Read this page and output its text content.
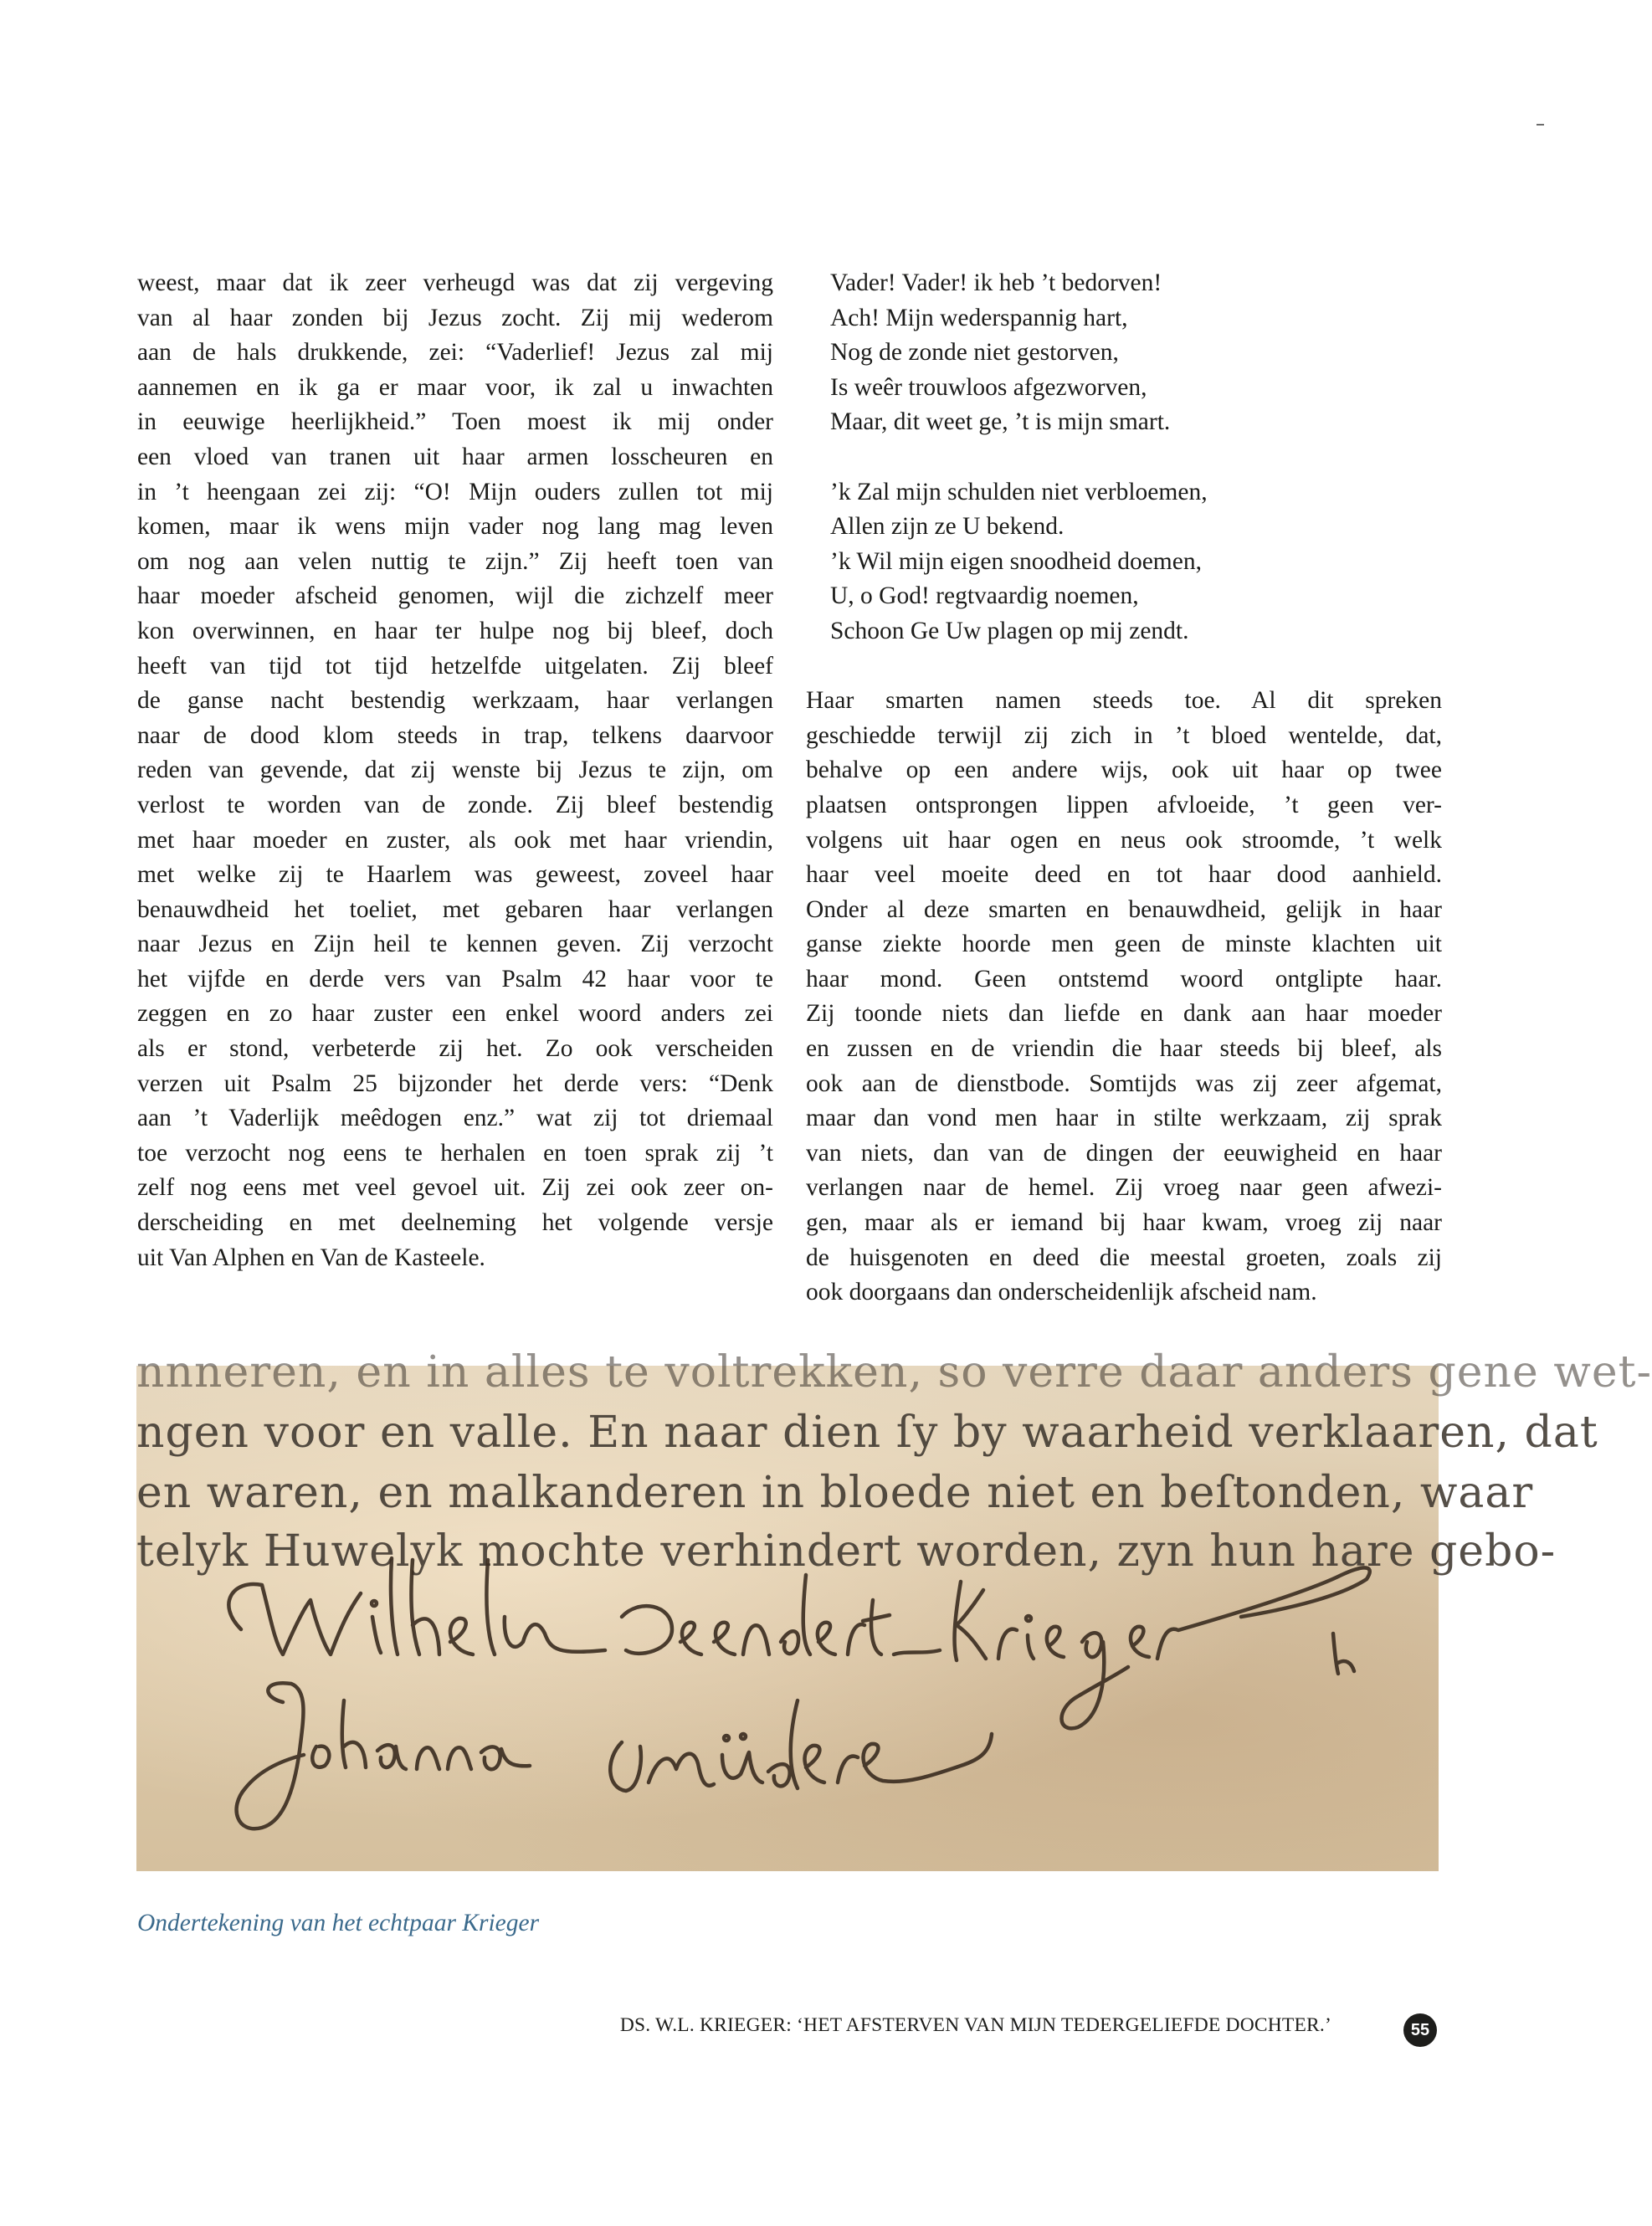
weest, maar dat ik zeer verheugd was dat zij vergeving

van al haar zonden bij Jezus zocht. Zij mij wederom

aan de hals drukkende, zei: “Vaderlief! Jezus zal mij

aannemen en ik ga er maar voor, ik zal u inwachten

in eeuwige heerlijkheid.” Toen moest ik mij onder

een vloed van tranen uit haar armen losscheuren en

in ’t heengaan zei zij: “O! Mijn ouders zullen tot mij

komen, maar ik wens mijn vader nog lang mag leven

om nog aan velen nuttig te zijn.” Zij heeft toen van

haar moeder afscheid genomen, wijl die zichzelf meer

kon overwinnen, en haar ter hulpe nog bij bleef, doch

heeft van tijd tot tijd hetzelfde uitgelaten. Zij bleef

de ganse nacht bestendig werkzaam, haar verlangen

naar de dood klom steeds in trap, telkens daarvoor

reden van gevende, dat zij wenste bij Jezus te zijn, om

verlost te worden van de zonde. Zij bleef bestendig

met haar moeder en zuster, als ook met haar vriendin,

met welke zij te Haarlem was geweest, zoveel haar

benauwdheid het toeliet, met gebaren haar verlangen

naar Jezus en Zijn heil te kennen geven. Zij verzocht

het vijfde en derde vers van Psalm 42 haar voor te

zeggen en zo haar zuster een enkel woord anders zei

als er stond, verbeterde zij het. Zo ook verscheiden

verzen uit Psalm 25 bijzonder het derde vers: “Denk

aan ’t Vaderlijk meêdogen enz.” wat zij tot driemaal

toe verzocht nog eens te herhalen en toen sprak zij ’t

zelf nog eens met veel gevoel uit. Zij zei ook zeer on-

derscheiding en met deelneming het volgende versje

uit Van Alphen en Van de Kasteele.

Vader! Vader! ik heb ’t bedorven!
Ach! Mijn wederspannig hart,
Nog de zonde niet gestorven,
Is weêr trouwloos afgezworven,
Maar, dit weet ge, ’t is mijn smart.
’k Zal mijn schulden niet verbloemen,
Allen zijn ze U bekend.
’k Wil mijn eigen snoodheid doemen,
U, o God! regtvaardig noemen,
Schoon Ge Uw plagen op mij zendt.

Haar smarten namen steeds toe. Al dit spreken

geschiedde terwijl zij zich in ’t bloed wentelde, dat,

behalve op een andere wijs, ook uit haar op twee

plaatsen ontsprongen lippen afvloeide, ’t geen ver-

volgens uit haar ogen en neus ook stroomde, ’t welk

haar veel moeite deed en tot haar dood aanhield.

Onder al deze smarten en benauwdheid, gelijk in haar

ganse ziekte hoorde men geen de minste klachten uit

haar mond. Geen ontstemd woord ontglipte haar.

Zij toonde niets dan liefde en dank aan haar moeder

en zussen en de vriendin die haar steeds bij bleef, als

ook aan de dienstbode. Somtijds was zij zeer afgemat,

maar dan vond men haar in stilte werkzaam, zij sprak

van niets, dan van de dingen der eeuwigheid en haar

verlangen naar de hemel. Zij vroeg naar geen afwezi-

gen, maar als er iemand bij haar kwam, vroeg zij naar

de huisgenoten en deed die meestal groeten, zoals zij

ook doorgaans dan onderscheidenlijk afscheid nam.

nnneren, en in alles te voltrekken, so verre daar anders gene wet-

ngen voor en valle. En naar dien ſy by waarheid verklaaren, dat

en waren, en malkanderen in bloede niet en beſtonden, waar

telyk Huwelyk mochte verhindert worden, zyn hun hare gebo-

Ondertekening van het echtpaar Krieger
DS. W.L. KRIEGER: ‘HET AFSTERVEN VAN MIJN TEDERGELIEFDE DOCHTER.’	55
